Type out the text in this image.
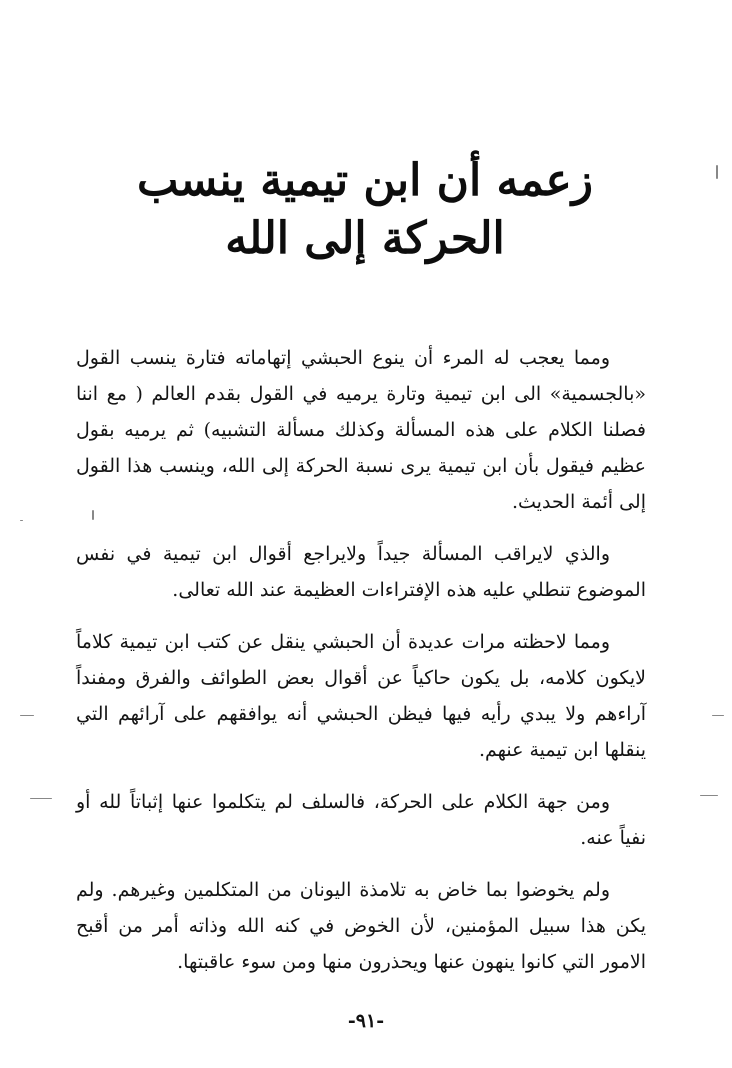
زعمه أن ابن تيمية ينسب
الحركة إلى الله

ومما يعجب له المرء أن ينوع الحبشي إتهاماته فتارة ينسب القول «بالجسمية» الى ابن تيمية وتارة يرميه في القول بقدم العالم ( مع اننا فصلنا الكلام على هذه المسألة وكذلك مسألة التشبيه) ثم يرميه بقول عظيم فيقول بأن ابن تيمية يرى نسبة الحركة إلى الله، وينسب هذا القول إلى أئمة الحديث.

والذي لايراقب المسألة جيداً ولايراجع أقوال ابن تيمية في نفس الموضوع تنطلي عليه هذه الإفتراءات العظيمة عند الله تعالى.

ومما لاحظته مرات عديدة أن الحبشي ينقل عن كتب ابن تيمية كلاماً لايكون كلامه، بل يكون حاكياً عن أقوال بعض الطوائف والفرق ومفنداً آراءهم ولا يبدي رأيه فيها فيظن الحبشي أنه يوافقهم على آرائهم التي ينقلها ابن تيمية عنهم.

ومن جهة الكلام على الحركة، فالسلف لم يتكلموا عنها إثباتاً لله أو نفياً عنه.

ولم يخوضوا بما خاض به تلامذة اليونان من المتكلمين وغيرهم. ولم يكن هذا سبيل المؤمنين، لأن الخوض في كنه الله وذاته أمر من أقبح الامور التي كانوا ينهون عنها ويحذرون منها ومن سوء عاقبتها.

-٩١-
